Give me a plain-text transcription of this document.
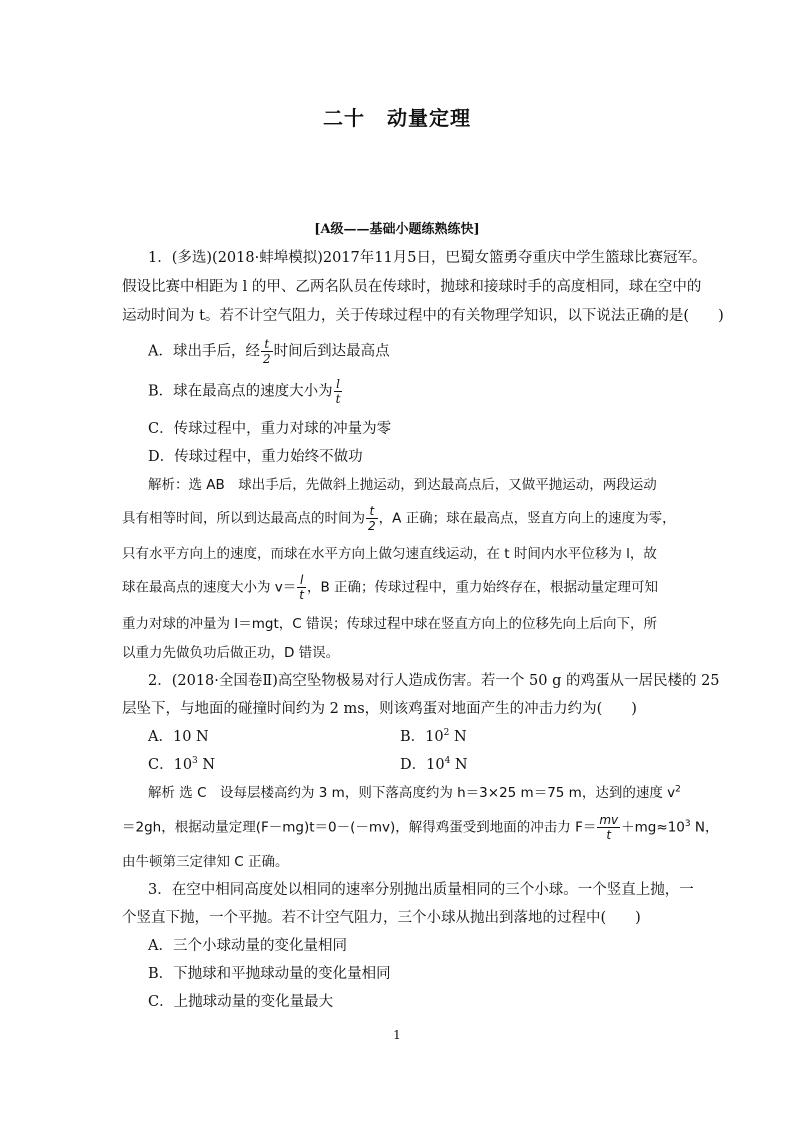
二十 动量定理
[A级——基础小题练熟练快]
1．(多选)(2018·蚌埠模拟)2017年11月5日，巴蜀女篮勇夺重庆中学生篮球比赛冠军。
假设比赛中相距为 l 的甲、乙两名队员在传球时，抛球和接球时手的高度相同，球在空中的
运动时间为 t。若不计空气阻力，关于传球过程中的有关物理学知识，以下说法正确的是(　　)
A．球出手后，经 $\frac{t}{2}$ 时间后到达最高点
B．球在最高点的速度大小为 $\frac{l}{t}$
C．传球过程中，重力对球的冲量为零
D．传球过程中，重力始终不做功
解析：选 AB　球出手后，先做斜上抛运动，到达最高点后，又做平抛运动，两段运动
具有相等时间，所以到达最高点的时间为 $\frac{t}{2}$ ，A 正确；球在最高点，竖直方向上的速度为零，
只有水平方向上的速度，而球在水平方向上做匀速直线运动，在 t 时间内水平位移为 l，故
球在最高点的速度大小为 $v= \frac{l}{t}$ ，B 正确；传球过程中，重力始终存在，根据动量定理可知
重力对球的冲量为 I＝mgt，C 错误；传球过程中球在竖直方向上的位移先向上后向下，所
以重力先做负功后做正功，D 错误。
2．(2018·全国卷Ⅱ)高空坠物极易对行人造成伤害。若一个 50 g 的鸡蛋从一居民楼的 25
层坠下，与地面的碰撞时间约为 2 ms，则该鸡蛋对地面产生的冲击力约为(　　)
A．10 N	B．$10^2$ N
C．$10^3$ N	D．$10^4$ N
解析 选 C　设每层楼高约为 3 m，则下落高度约为 h＝3×25 m＝75 m，达到的速度 $v^2$
＝2gh，根据动量定理(F－mg)t＝0－(－mv)，解得鸡蛋受到地面的冲击力 $F= \frac{mv}{t} +mg\approx 10^3$ N，
由牛顿第三定律知 C 正确。
3．在空中相同高度处以相同的速率分别抛出质量相同的三个小球。一个竖直上抛，一
个竖直下抛，一个平抛。若不计空气阻力，三个小球从抛出到落地的过程中(　　)
A．三个小球动量的变化量相同
B．下抛球和平抛球动量的变化量相同
C．上抛球动量的变化量最大
1
